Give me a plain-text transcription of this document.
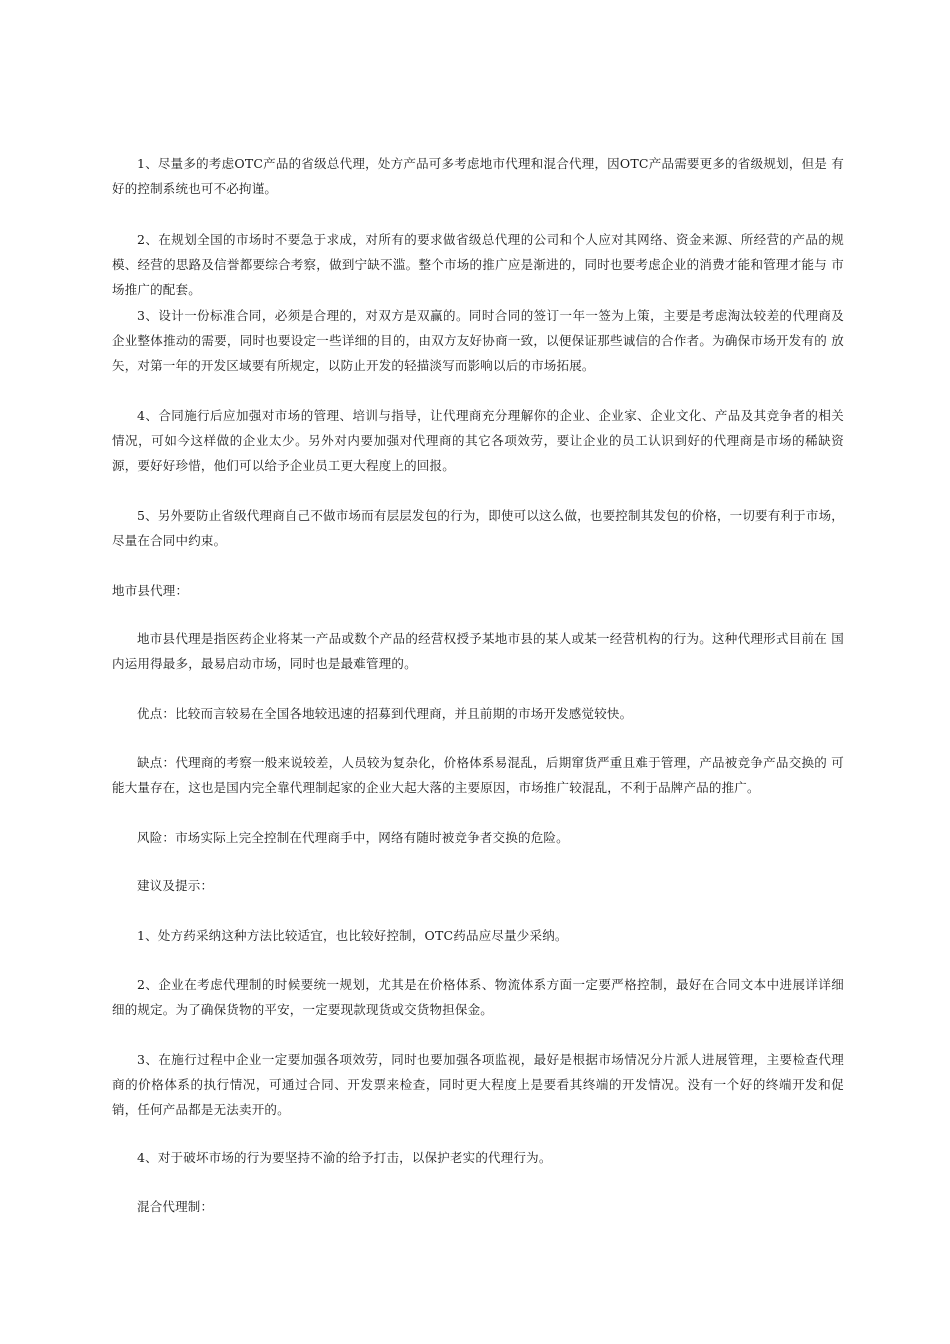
1、尽量多的考虑OTC产品的省级总代理，处方产品可多考虑地市代理和混合代理，因OTC产品需要更多的省级规划，但是 有好的控制系统也可不必拘谨。

2、在规划全国的市场时不要急于求成，对所有的要求做省级总代理的公司和个人应对其网络、资金来源、所经营的产品的规 模、经营的思路及信誉都要综合考察，做到宁缺不滥。整个市场的推广应是渐进的，同时也要考虑企业的消费才能和管理才能与 市场推广的配套。

3、设计一份标准合同，必须是合理的，对双方是双赢的。同时合同的签订一年一签为上策，主要是考虑淘汰较差的代理商及 企业整体推动的需要，同时也要设定一些详细的目的，由双方友好协商一致，以便保证那些诚信的合作者。为确保市场开发有的 放矢，对第一年的开发区域要有所规定，以防止开发的轻描淡写而影响以后的市场拓展。

4、合同施行后应加强对市场的管理、培训与指导，让代理商充分理解你的企业、企业家、企业文化、产品及其竞争者的相关 情况，可如今这样做的企业太少。另外对内要加强对代理商的其它各项效劳，要让企业的员工认识到好的代理商是市场的稀缺资 源，要好好珍惜，他们可以给予企业员工更大程度上的回报。

5、另外要防止省级代理商自己不做市场而有层层发包的行为，即使可以这么做，也要控制其发包的价格，一切要有利于市场， 尽量在合同中约束。

地市县代理：

地市县代理是指医药企业将某一产品或数个产品的经营权授予某地市县的某人或某一经营机构的行为。这种代理形式目前在 国内运用得最多，最易启动市场，同时也是最难管理的。

优点：比较而言较易在全国各地较迅速的招募到代理商，并且前期的市场开发感觉较快。

缺点：代理商的考察一般来说较差，人员较为复杂化，价格体系易混乱，后期窜货严重且难于管理，产品被竞争产品交换的 可能大量存在，这也是国内完全靠代理制起家的企业大起大落的主要原因，市场推广较混乱，不利于品牌产品的推广。

风险：市场实际上完全控制在代理商手中，网络有随时被竞争者交换的危险。

建议及提示：

1、处方药采纳这种方法比较适宜，也比较好控制，OTC药品应尽量少采纳。

2、企业在考虑代理制的时候要统一规划，尤其是在价格体系、物流体系方面一定要严格控制，最好在合同文本中进展详详细 细的规定。为了确保货物的平安，一定要现款现货或交货物担保金。

3、在施行过程中企业一定要加强各项效劳，同时也要加强各项监视，最好是根据市场情况分片派人进展管理，主要检查代理 商的价格体系的执行情况，可通过合同、开发票来检查，同时更大程度上是要看其终端的开发情况。没有一个好的终端开发和促 销，任何产品都是无法卖开的。

4、对于破坏市场的行为要坚持不渝的给予打击，以保护老实的代理行为。

混合代理制：
